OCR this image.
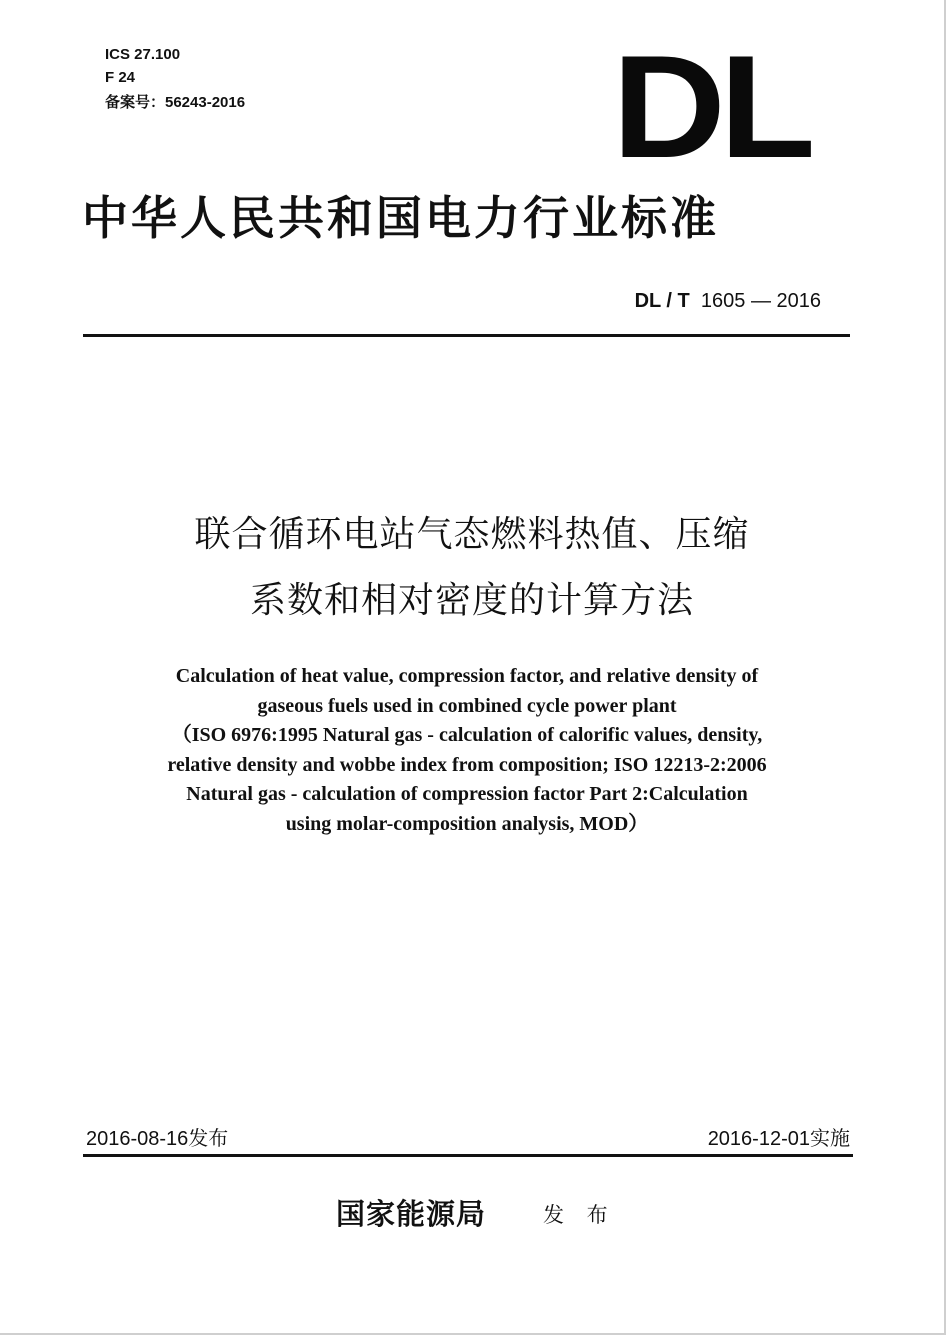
ICS 27.100
F 24
备案号：56243-2016	DL
中华人民共和国电力行业标准
DL / T 1605 — 2016
联合循环电站气态燃料热值、压缩
系数和相对密度的计算方法
Calculation of heat value, compression factor, and relative density of
gaseous fuels used in combined cycle power plant
（ISO 6976:1995 Natural gas - calculation of calorific values, density,
relative density and wobbe index from composition; ISO 12213-2:2006
Natural gas - calculation of compression factor Part 2:Calculation
using molar-composition analysis, MOD）
2016-08-16发布	2016-12-01实施
国家能源局	发 布
